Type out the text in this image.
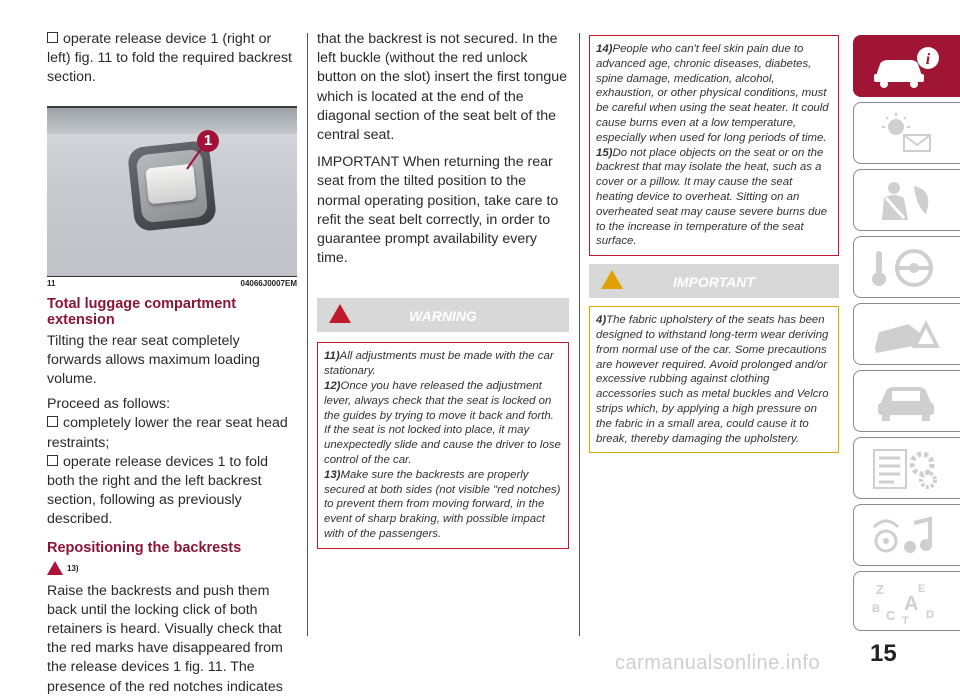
operate release device 1 (right or left) fig. 11 to fold the required backrest section.

1
11	04066J0007EM
Total luggage compartment extension

Tilting the rear seat completely forwards allows maximum loading volume.

Proceed as follows:

completely lower the rear seat head restraints;

operate release devices 1 to fold both the right and the left backrest section, following as previously described.

Repositioning the backrests
13)

Raise the backrests and push them back until the locking click of both retainers is heard. Visually check that the red marks have disappeared from the release devices 1 fig. 11. The presence of the red notches indicates

that the backrest is not secured. In the left buckle (without the red unlock button on the slot) insert the first tongue which is located at the end of the diagonal section of the seat belt of the central seat.

IMPORTANT When returning the rear seat from the tilted position to the normal operating position, take care to refit the seat belt correctly, in order to guarantee prompt availability every time.

WARNING
11)All adjustments must be made with the car stationary.
12)Once you have released the adjustment lever, always check that the seat is locked on the guides by trying to move it back and forth. If the seat is not locked into place, it may unexpectedly slide and cause the driver to lose control of the car.
13)Make sure the backrests are properly secured at both sides (not visible "red notches) to prevent them from moving forward, in the event of sharp braking, with possible impact with of the passengers.
14)People who can't feel skin pain due to advanced age, chronic diseases, diabetes, spine damage, medication, alcohol, exhaustion, or other physical conditions, must be careful when using the seat heater. It could cause burns even at a low temperature, especially when used for long periods of time.
15)Do not place objects on the seat or on the backrest that may isolate the heat, such as a cover or a pillow. It may cause the seat heating device to overheat. Sitting on an overheated seat may cause severe burns due to the increase in temperature of the seat surface.
IMPORTANT
4)The fabric upholstery of the seats has been designed to withstand long-term wear deriving from normal use of the car. Some precautions are however required. Avoid prolonged and/or excessive rubbing against clothing accessories such as metal buckles and Velcro strips which, by applying a high pressure on the fabric in a small area, could cause it to break, thereby damaging the upholstery.
i
Z	E
B A
C	D
T
carmanualsonline.info 15
